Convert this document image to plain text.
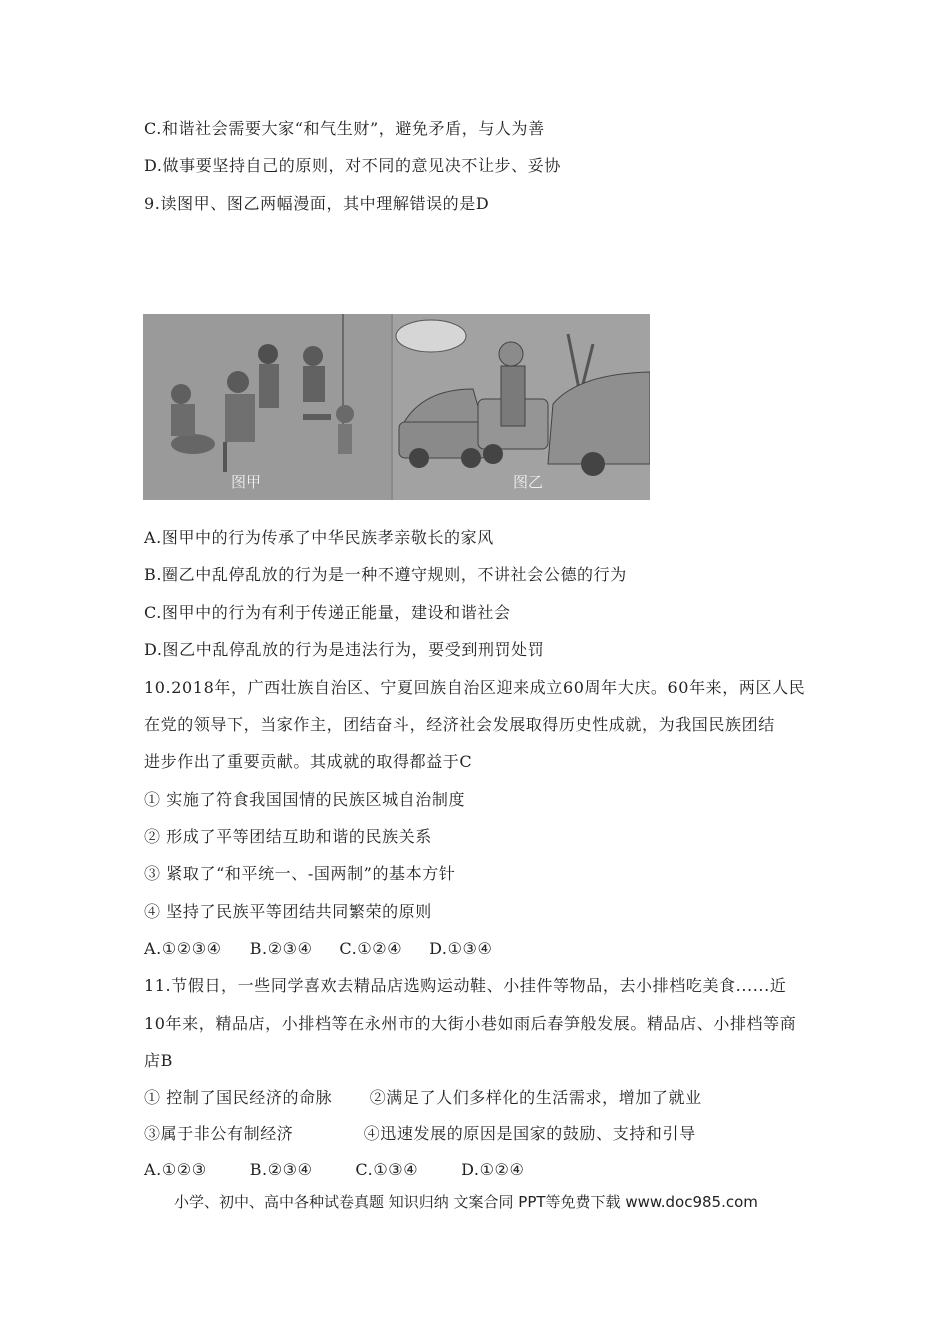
C.和谐社会需要大家“和气生财”，避免矛盾，与人为善
D.做事要坚持自己的原则，对不同的意见决不让步、妥协
9.读图甲、图乙两幅漫面，其中理解错误的是D
图甲	图乙
A.图甲中的行为传承了中华民族孝亲敬长的家风
B.圈乙中乱停乱放的行为是一种不遵守规则，不讲社会公德的行为
C.图甲中的行为有利于传递正能量，建设和谐社会
D.图乙中乱停乱放的行为是违法行为，要受到刑罚处罚
10.2018年，广西壮族自治区、宁夏回族自治区迎来成立60周年大庆。60年来，两区人民
在党的领导下，当家作主，团结奋斗，经济社会发展取得历史性成就，为我国民族团结
进步作出了重要贡献。其成就的取得都益于C
① 实施了符食我国国情的民族区城自治制度
② 形成了平等团结互助和谐的民族关系
③ 紧取了“和平统一、-国两制”的基本方针
④ 坚持了民族平等团结共同繁荣的原则
A.①②③④ B.②③④ C.①②④ D.①③④
11.节假日，一些同学喜欢去精品店选购运动鞋、小挂件等物品，去小排档吃美食......近
10年来，精品店，小排档等在永州市的大街小巷如雨后春笋般发展。精品店、小排档等商
店B
① 控制了国民经济的命脉 ②满足了人们多样化的生活需求，增加了就业
③属于非公有制经济	④迅速发展的原因是国家的鼓励、支持和引导
A.①②③	B.②③④	C.①③④	D.①②④
小学、初中、高中各种试卷真题 知识归纳 文案合同 PPT等免费下载 www.doc985.com
